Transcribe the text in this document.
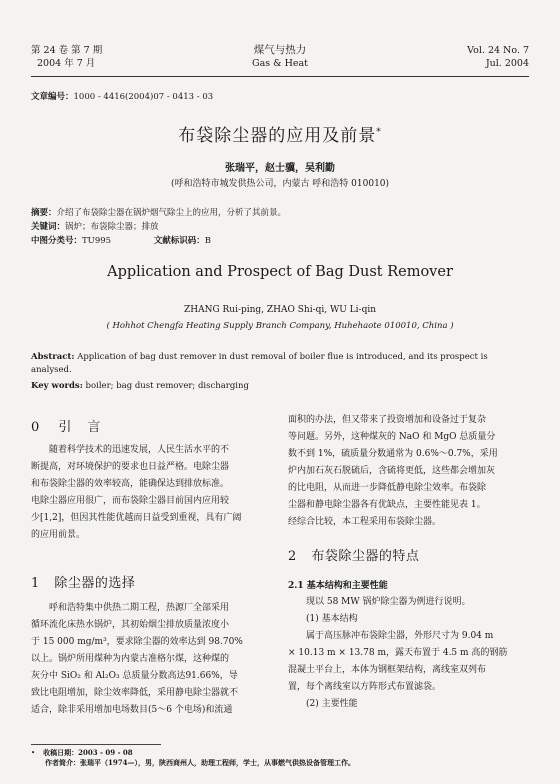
第 24 卷 第 7 期
2004 年 7 月
煤气与热力
Gas & Heat
Vol. 24 No. 7
Jul. 2004
文章编号：1000 - 4416(2004)07 - 0413 - 03
布袋除尘器的应用及前景*
张瑞平，赵士骥，吴利勤
(呼和浩特市城发供热公司，内蒙古 呼和浩特 010010)
摘要：介绍了布袋除尘器在锅炉烟气除尘上的应用，分析了其前景。
关键词：锅炉；布袋除尘器；排放
中图分类号：TU995	文献标识码：B
Application and Prospect of Bag Dust Remover
ZHANG Rui-ping, ZHAO Shi-qi, WU Li-qin
( Hohhot Chengfa Heating Supply Branch Company, Huhehaote 010010, China )
Abstract: Application of bag dust remover in dust removal of boiler flue is introduced, and its prospect is
analysed.
Key words: boiler; bag dust remover; discharging
0 引 言

随着科学技术的迅速发展，人民生活水平的不

断提高，对环境保护的要求也日益严格。电除尘器
和布袋除尘器的效率较高，能确保达到排放标准。
电除尘器应用很广，而布袋除尘器目前国内应用较
少[1,2]，但因其性能优越而日益受到重视，具有广阔
的应用前景。
1 除尘器的选择

呼和浩特集中供热二期工程，热源厂全部采用

循环流化床热水锅炉，其初始烟尘排放质量浓度小
于 15 000 mg/m³，要求除尘器的效率达到 98.70%
以上。锅炉所用煤种为内蒙古准格尔煤，这种煤的
灰分中 SiO₂ 和 Al₂O₃ 总质量分数高达91.66%，导
致比电阻增加，除尘效率降低，采用静电除尘器就不
适合，除非采用增加电场数目(5～6 个电场)和流通
面积的办法，但又带来了投资增加和设备过于复杂
等问题。另外，这种煤灰的 NaO 和 MgO 总质量分
数不到 1%，硫质量分数通常为 0.6%～0.7%，采用
炉内加石灰石脱硫后，含硫将更低，这些都会增加灰
的比电阻，从而进一步降低静电除尘效率。布袋除
尘器和静电除尘器各有优缺点，主要性能见表 1。
经综合比较，本工程采用布袋除尘器。
2 布袋除尘器的特点
2.1 基本结构和主要性能

现以 58 MW 锅炉除尘器为例进行说明。

(1) 基本结构

属于高压脉冲布袋除尘器，外形尺寸为 9.04 m

× 10.13 m × 13.78 m，露天布置于 4.5 m 高的钢筋
混凝土平台上，本体为钢框架结构，离线室双列布
置，每个离线室以方阵形式布置滤袋。

(2) 主要性能

• 收稿日期：2003 - 09 - 08
作者简介：张瑞平（1974—），男，陕西商州人，助理工程师，学士，从事燃气供热设备管理工作。
